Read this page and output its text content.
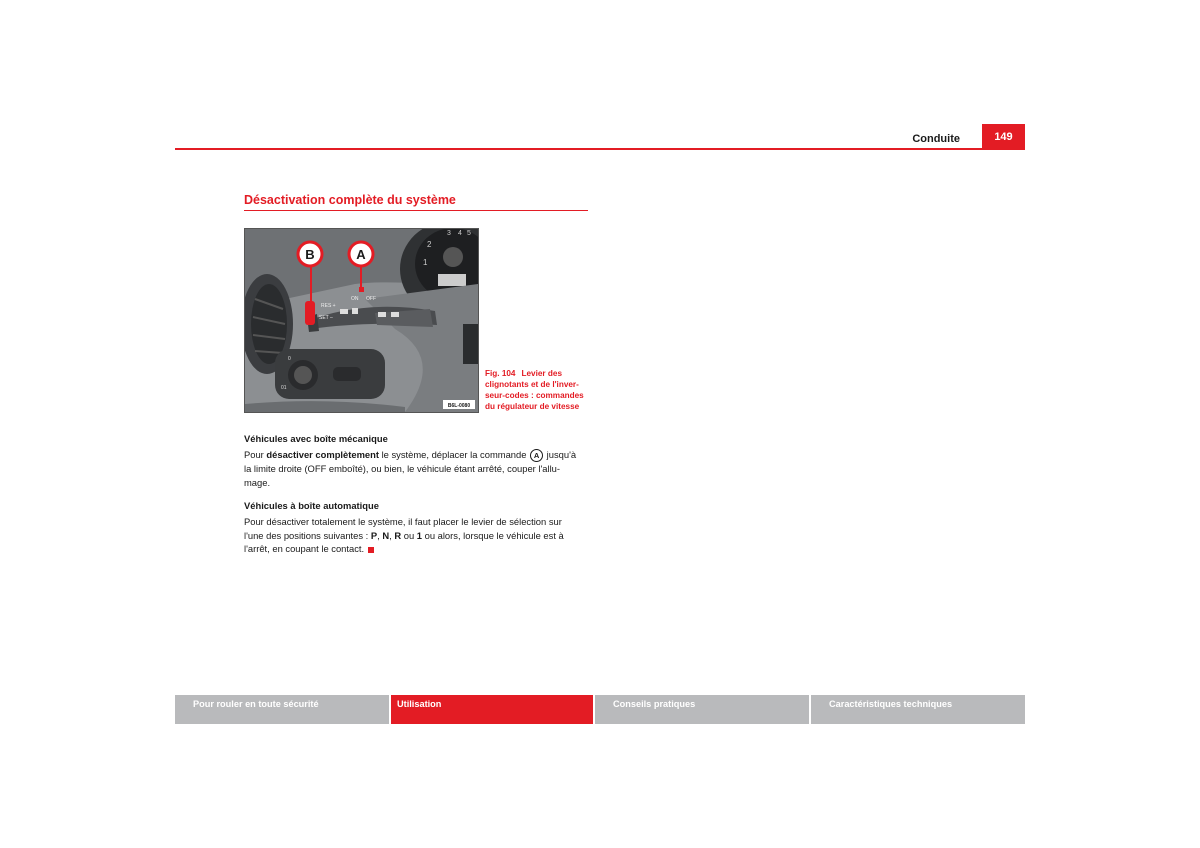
Conduite	149
Désactivation complète du système
2
1
3 4 5
RES +
SET –
ON OFF
B	A
0
01
B6L-0080
Fig. 104 Levier des
clignotants et de l'inver-
seur-codes : commandes
du régulateur de vitesse
Véhicules avec boîte mécanique
Pour désactiver complètement le système, déplacer la commande A jusqu'à
la limite droite (OFF emboîté), ou bien, le véhicule étant arrêté, couper l'allu-
mage.
Véhicules à boîte automatique
Pour désactiver totalement le système, il faut placer le levier de sélection sur
l'une des positions suivantes : P, N, R ou 1 ou alors, lorsque le véhicule est à
l'arrêt, en coupant le contact.
Pour rouler en toute sécurité	Utilisation	Conseils pratiques	Caractéristiques techniques
